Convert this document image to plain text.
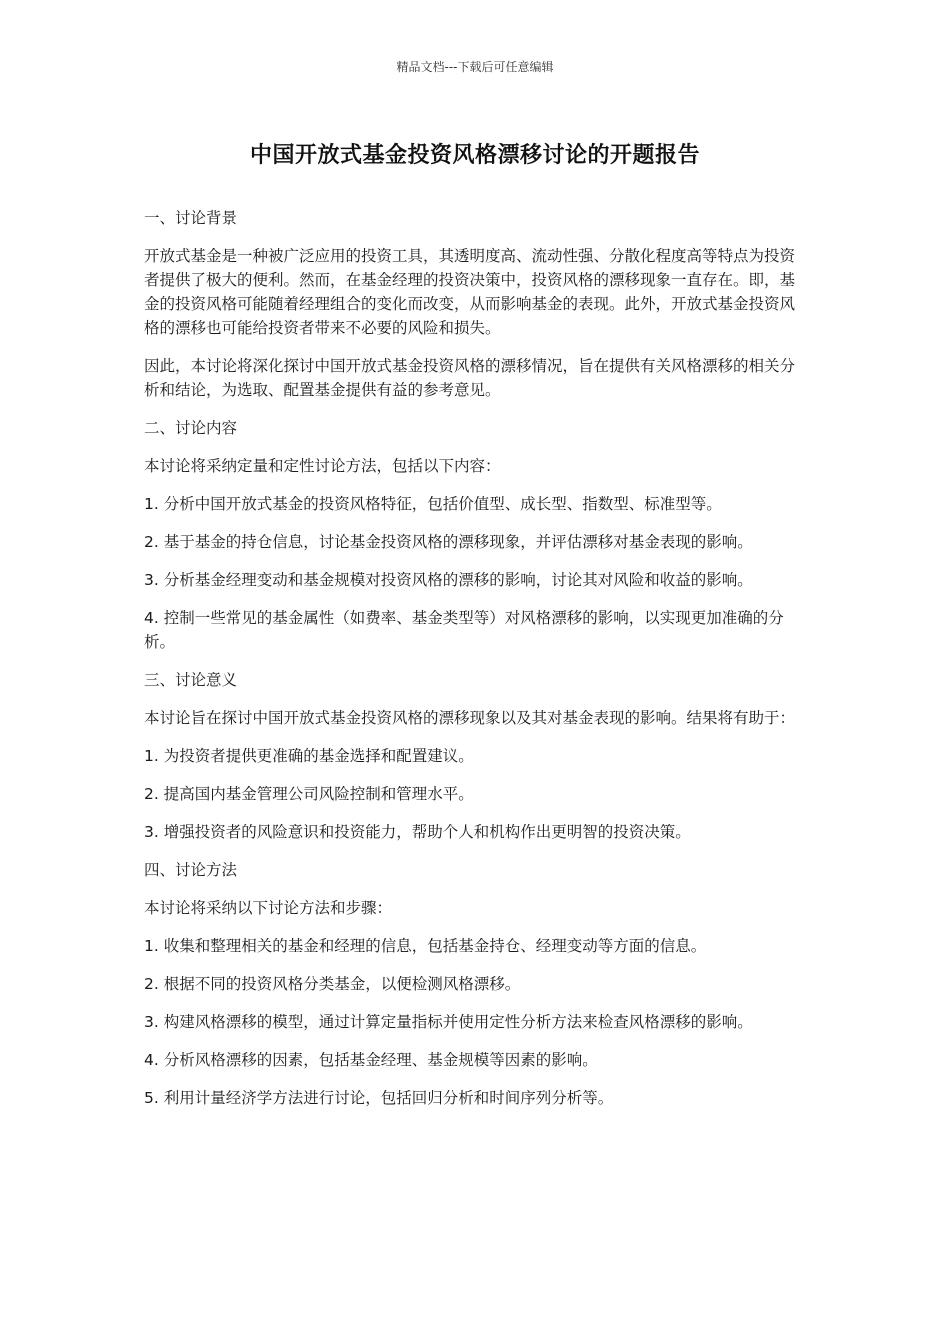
精品文档---下载后可任意编辑
中国开放式基金投资风格漂移讨论的开题报告

一、讨论背景

开放式基金是一种被广泛应用的投资工具，其透明度高、流动性强、分散化程度高等特点为投资者提供了极大的便利。然而，在基金经理的投资决策中，投资风格的漂移现象一直存在。即，基金的投资风格可能随着经理组合的变化而改变，从而影响基金的表现。此外，开放式基金投资风格的漂移也可能给投资者带来不必要的风险和损失。

因此，本讨论将深化探讨中国开放式基金投资风格的漂移情况，旨在提供有关风格漂移的相关分析和结论，为选取、配置基金提供有益的参考意见。

二、讨论内容

本讨论将采纳定量和定性讨论方法，包括以下内容：

1. 分析中国开放式基金的投资风格特征，包括价值型、成长型、指数型、标准型等。

2. 基于基金的持仓信息，讨论基金投资风格的漂移现象，并评估漂移对基金表现的影响。

3. 分析基金经理变动和基金规模对投资风格的漂移的影响，讨论其对风险和收益的影响。

4. 控制一些常见的基金属性（如费率、基金类型等）对风格漂移的影响，以实现更加准确的分析。

三、讨论意义

本讨论旨在探讨中国开放式基金投资风格的漂移现象以及其对基金表现的影响。结果将有助于：

1. 为投资者提供更准确的基金选择和配置建议。

2. 提高国内基金管理公司风险控制和管理水平。

3. 增强投资者的风险意识和投资能力，帮助个人和机构作出更明智的投资决策。

四、讨论方法

本讨论将采纳以下讨论方法和步骤：

1. 收集和整理相关的基金和经理的信息，包括基金持仓、经理变动等方面的信息。

2. 根据不同的投资风格分类基金，以便检测风格漂移。

3. 构建风格漂移的模型，通过计算定量指标并使用定性分析方法来检查风格漂移的影响。

4. 分析风格漂移的因素，包括基金经理、基金规模等因素的影响。

5. 利用计量经济学方法进行讨论，包括回归分析和时间序列分析等。
